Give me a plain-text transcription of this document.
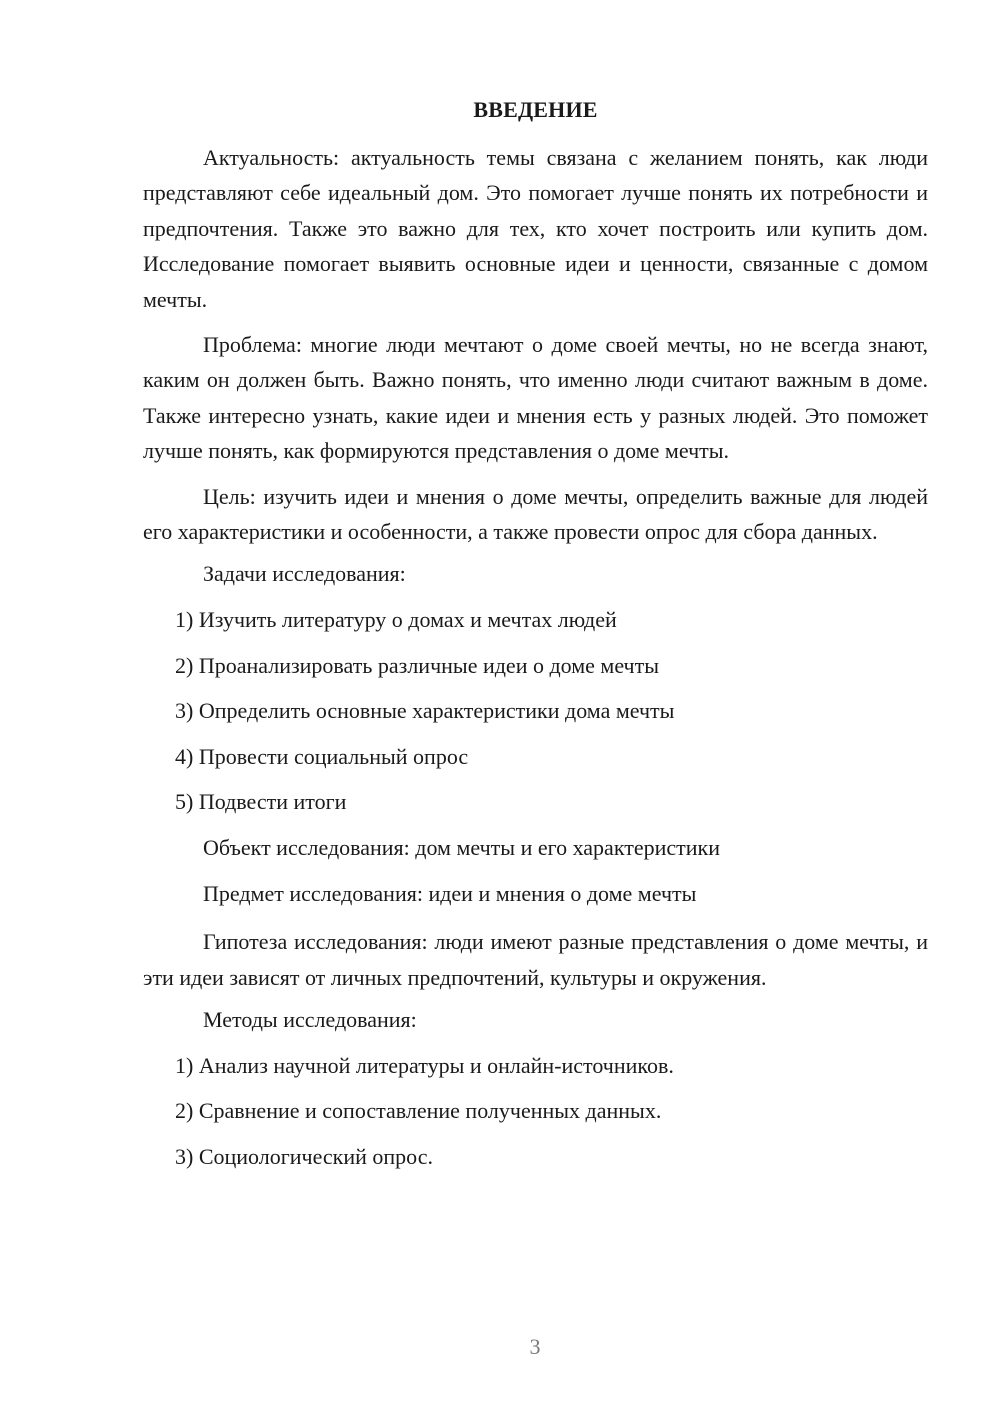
ВВЕДЕНИЕ

Актуальность: актуальность темы связана с желанием понять, как люди представляют себе идеальный дом. Это помогает лучше понять их потребности и предпочтения. Также это важно для тех, кто хочет построить или купить дом. Исследование помогает выявить основные идеи и ценности, связанные с домом мечты.

Проблема: многие люди мечтают о доме своей мечты, но не всегда знают, каким он должен быть. Важно понять, что именно люди считают важным в доме. Также интересно узнать, какие идеи и мнения есть у разных людей. Это поможет лучше понять, как формируются представления о доме мечты.

Цель: изучить идеи и мнения о доме мечты, определить важные для людей его характеристики и особенности, а также провести опрос для сбора данных.

Задачи исследования:
1) Изучить литературу о домах и мечтах людей
2) Проанализировать различные идеи о доме мечты
3) Определить основные характеристики дома мечты
4) Провести социальный опрос
5) Подвести итоги
Объект исследования: дом мечты и его характеристики
Предмет исследования: идеи и мнения о доме мечты

Гипотеза исследования: люди имеют разные представления о доме мечты, и эти идеи зависят от личных предпочтений, культуры и окружения.

Методы исследования:
1) Анализ научной литературы и онлайн-источников.
2) Сравнение и сопоставление полученных данных.
3) Социологический опрос.
3
